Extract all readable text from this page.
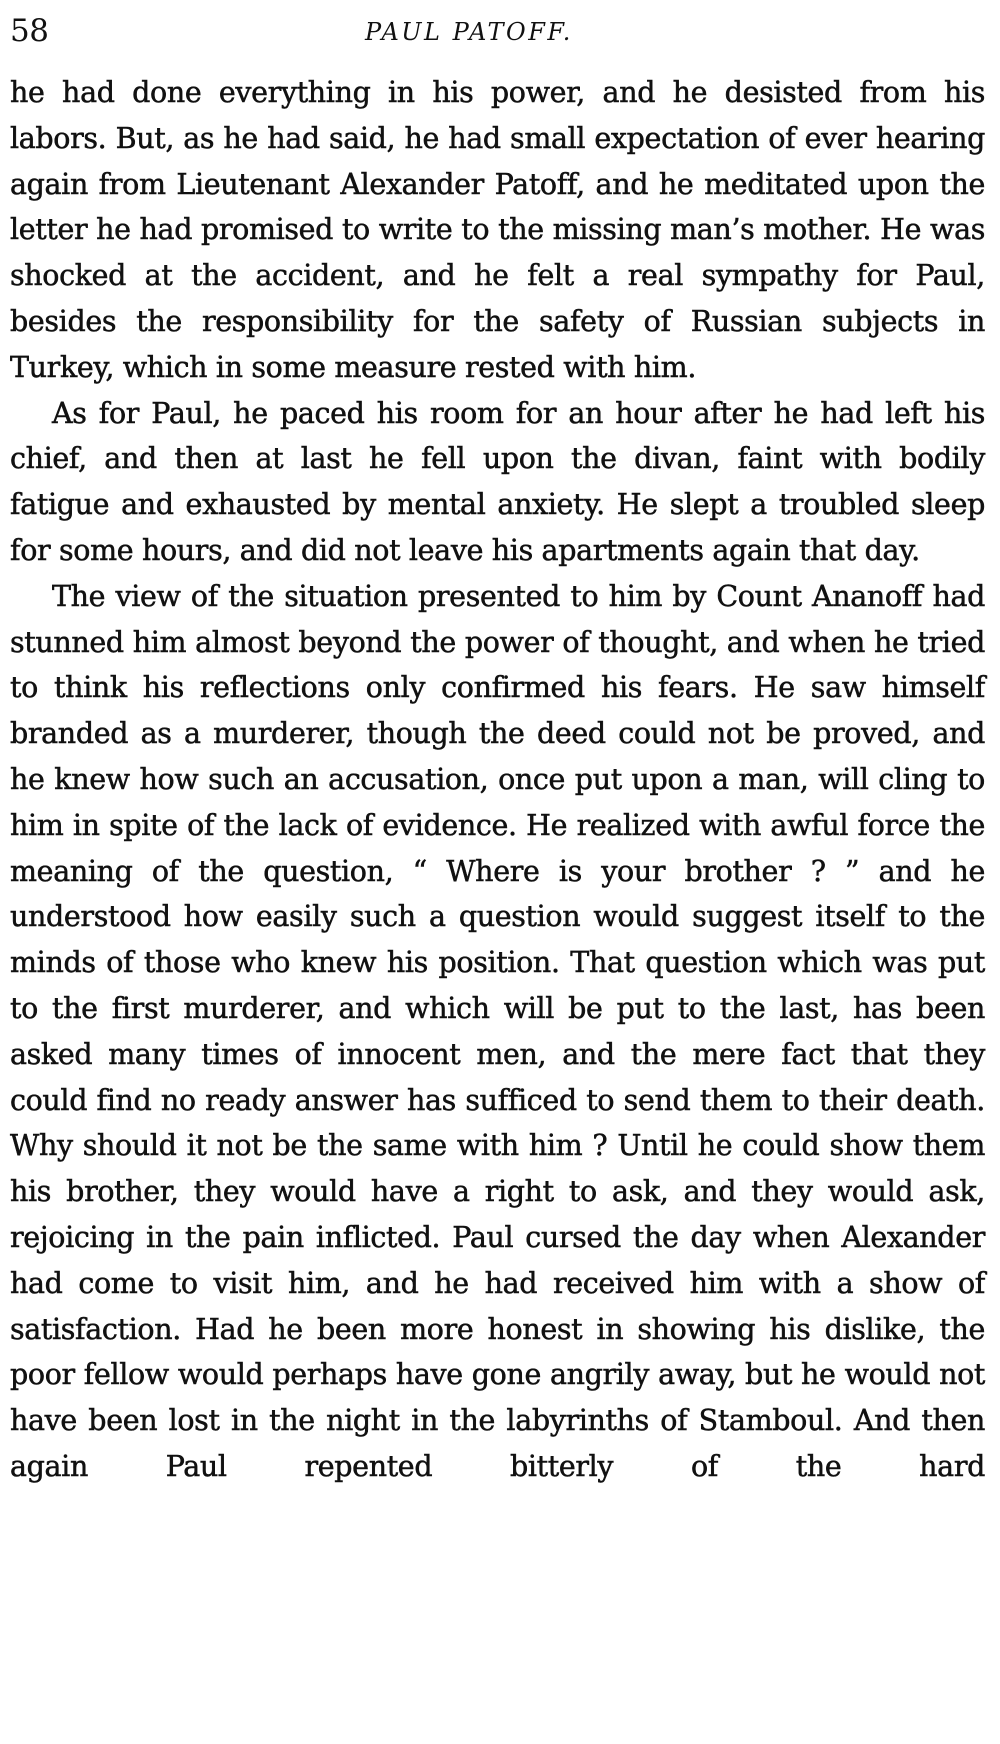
58	PAUL PATOFF.

he had done everything in his power, and he desisted from his labors. But, as he had said, he had small expectation of ever hearing again from Lieutenant Alexander Patoff, and he meditated upon the letter he had promised to write to the missing man’s mother. He was shocked at the accident, and he felt a real sympathy for Paul, besides the responsibility for the safety of Russian subjects in Turkey, which in some measure rested with him.

As for Paul, he paced his room for an hour after he had left his chief, and then at last he fell upon the divan, faint with bodily fatigue and exhausted by mental anxiety. He slept a troubled sleep for some hours, and did not leave his apartments again that day.

The view of the situation presented to him by Count Ananoff had stunned him almost beyond the power of thought, and when he tried to think his reflections only confirmed his fears. He saw himself branded as a murderer, though the deed could not be proved, and he knew how such an accusation, once put upon a man, will cling to him in spite of the lack of evidence. He realized with awful force the meaning of the question, “ Where is your brother ? ” and he understood how easily such a question would suggest itself to the minds of those who knew his position. That question which was put to the first murderer, and which will be put to the last, has been asked many times of innocent men, and the mere fact that they could find no ready answer has sufficed to send them to their death. Why should it not be the same with him ? Until he could show them his brother, they would have a right to ask, and they would ask, rejoicing in the pain inflicted. Paul cursed the day when Alexander had come to visit him, and he had received him with a show of satisfaction. Had he been more honest in showing his dislike, the poor fellow would perhaps have gone angrily away, but he would not have been lost in the night in the labyrinths of Stamboul. And then again Paul repented bitterly of the hard
